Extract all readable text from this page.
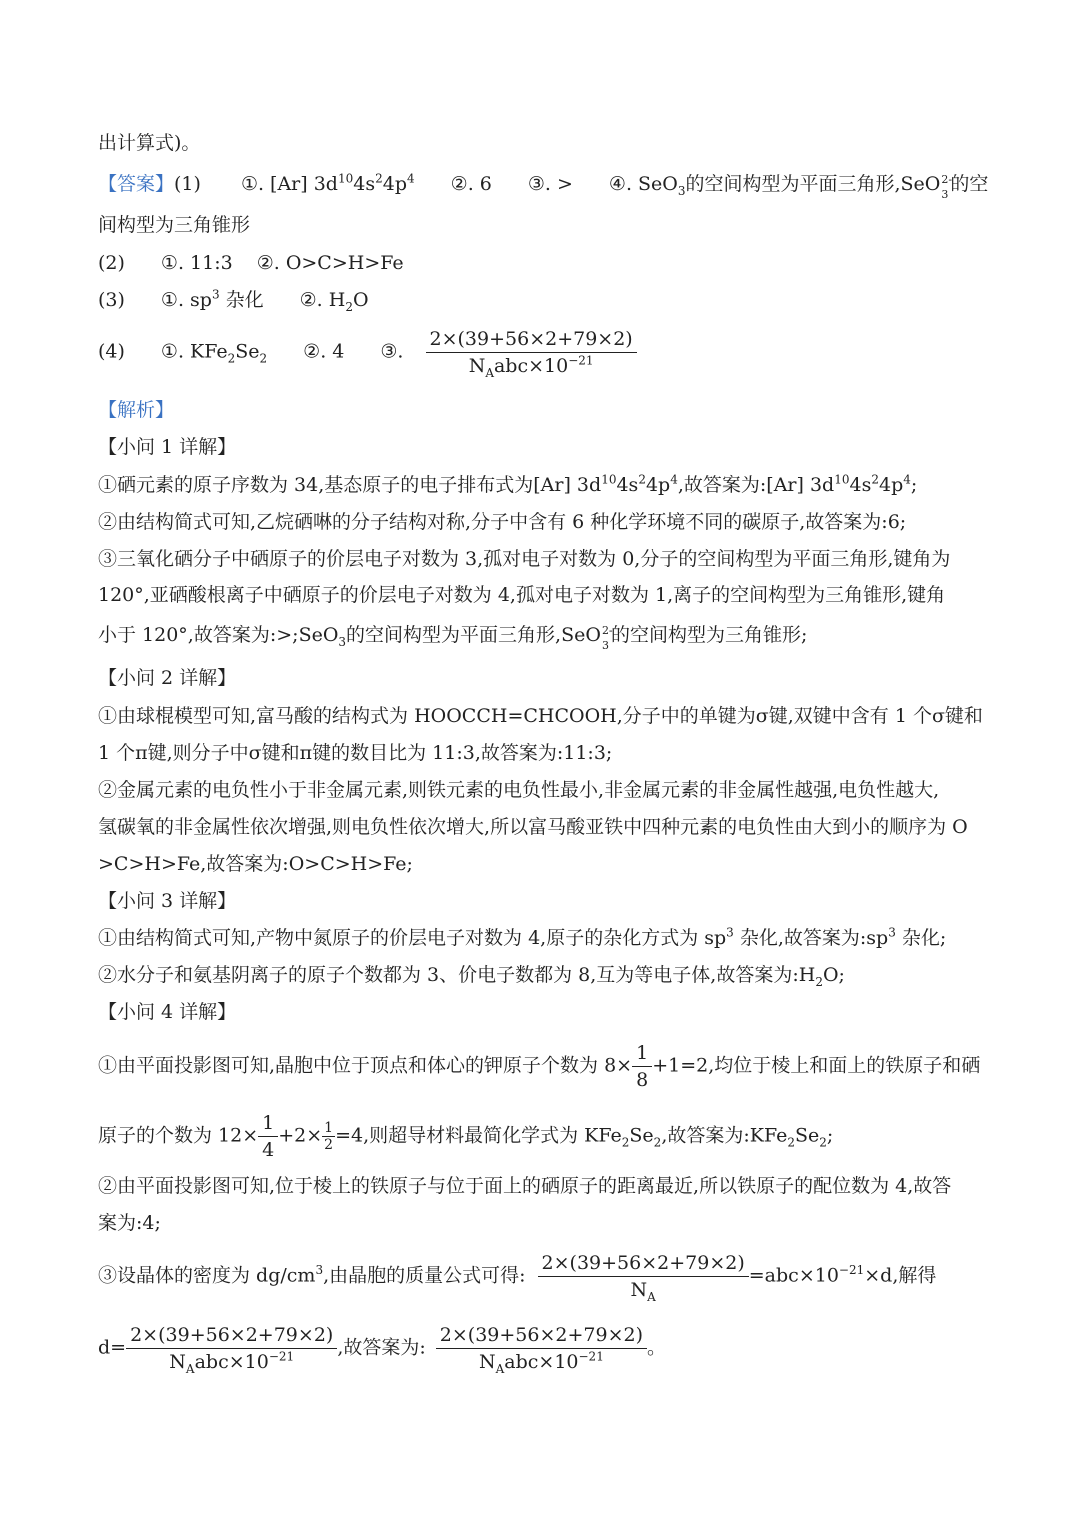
出计算式)。
【答案】(1) ①. [Ar] $3d^{10}4s^24p^4$ ②. 6 ③. > ④. SeO$_3$的空间构型为平面三角形,SeO 2-
3 的空
间构型为三角锥形
(2) ①. 11:3 ②. O>C>H>Fe
(3) ①. $sp^3$ 杂化 ②. $H_2O$
(4) ①. $KFe_2Se_2$ ②. 4 ③. $\frac{2\times(39+56\times 2+79\times 2)}{N_Aabc\times 10^{-21}}$
【解析】
【小问 1 详解】
①硒元素的原子序数为 34,基态原子的电子排布式为[Ar] $3d^{10}4s^24p^4$,故答案为:[Ar] $3d^{10}4s^24p^4$;
②由结构简式可知,乙烷硒啉的分子结构对称,分子中含有 6 种化学环境不同的碳原子,故答案为:6;
③三氧化硒分子中硒原子的价层电子对数为 3,孤对电子对数为 0,分子的空间构型为平面三角形,键角为
120°,亚硒酸根离子中硒原子的价层电子对数为 4,孤对电子对数为 1,离子的空间构型为三角锥形,键角
小于 120°,故答案为:>;SeO$_3$的空间构型为平面三角形,SeO 2-
3 的空间构型为三角锥形;
【小问 2 详解】
①由球棍模型可知,富马酸的结构式为 HOOCCH=CHCOOH,分子中的单键为σ键,双键中含有 1 个σ键和
1 个π键,则分子中σ键和π键的数目比为 11:3,故答案为:11:3;
②金属元素的电负性小于非金属元素,则铁元素的电负性最小,非金属元素的非金属性越强,电负性越大,
氢碳氧的非金属性依次增强,则电负性依次增大,所以富马酸亚铁中四种元素的电负性由大到小的顺序为 O
>C>H>Fe,故答案为:O>C>H>Fe;
【小问 3 详解】
①由结构简式可知,产物中氮原子的价层电子对数为 4,原子的杂化方式为 $sp^3$ 杂化,故答案为$:sp^3$ 杂化;
②水分子和氨基阴离子的原子个数都为 3、价电子数都为 8,互为等电子体,故答案为$:H_2O$;
【小问 4 详解】
①由平面投影图可知,晶胞中位于顶点和体心的钾原子个数为 $8\times \frac{1}{8} +1=2$,均位于棱上和面上的铁原子和硒
原子的个数为 $12\times \frac{1}{4} +2\times \frac{1}{2} =4$,则超导材料最简化学式为 $KFe_2Se_2$,故答案为$:KFe_2Se_2$;
②由平面投影图可知,位于棱上的铁原子与位于面上的硒原子的距离最近,所以铁原子的配位数为 4,故答
案为:4;
③设晶体的密度为 $dg/cm^3$,由晶胞的质量公式可得: $\frac{2\times(39+56\times 2+79\times 2)}{N_A} =abc\times 10^{-21}\times d$,解得
$d= \frac{2\times(39+56\times 2+79\times 2)}{N_Aabc\times 10^{-21}}$ ,故答案为: $\frac{2\times(39+56\times 2+79\times 2)}{N_Aabc\times 10^{-21}}$ 。
